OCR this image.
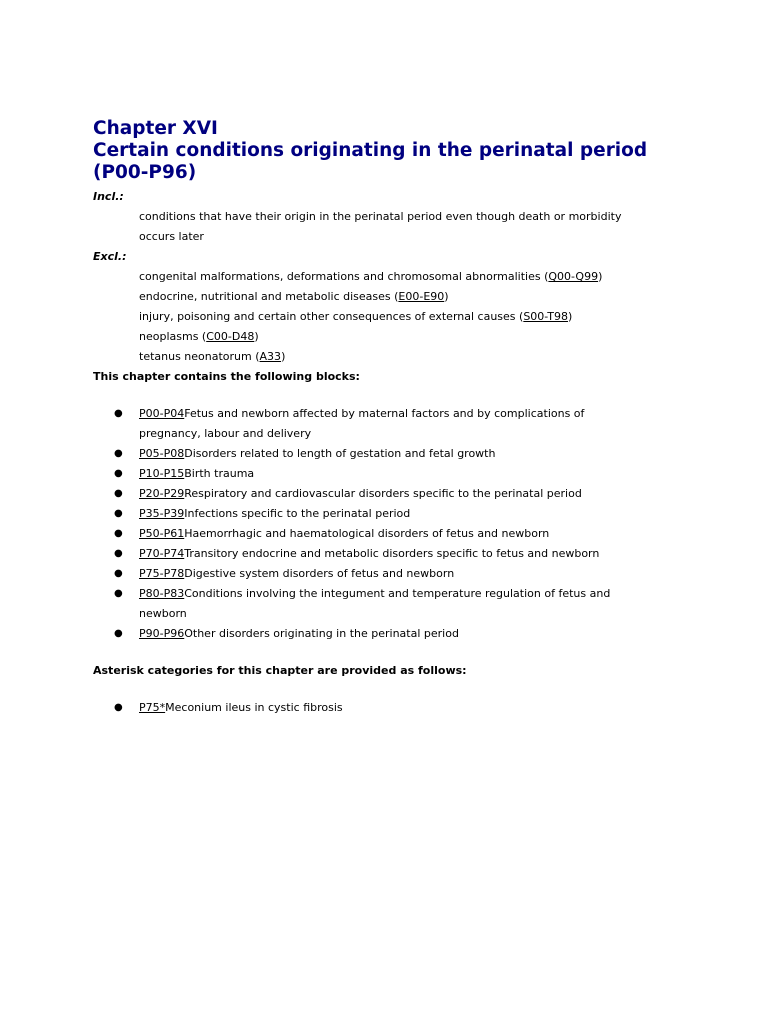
Chapter XVI
Certain conditions originating in the perinatal period
(P00-P96)
Incl.:
conditions that have their origin in the perinatal period even though death or morbidity
occurs later
Excl.:
congenital malformations, deformations and chromosomal abnormalities (Q00-Q99)
endocrine, nutritional and metabolic diseases (E00-E90)
injury, poisoning and certain other consequences of external causes (S00-T98)
neoplasms (C00-D48)
tetanus neonatorum (A33)
This chapter contains the following blocks:
● P00-P04Fetus and newborn affected by maternal factors and by complications of
pregnancy, labour and delivery
● P05-P08Disorders related to length of gestation and fetal growth
● P10-P15Birth trauma
● P20-P29Respiratory and cardiovascular disorders specific to the perinatal period
● P35-P39Infections specific to the perinatal period
● P50-P61Haemorrhagic and haematological disorders of fetus and newborn
● P70-P74Transitory endocrine and metabolic disorders specific to fetus and newborn
● P75-P78Digestive system disorders of fetus and newborn
● P80-P83Conditions involving the integument and temperature regulation of fetus and
newborn
● P90-P96Other disorders originating in the perinatal period
Asterisk categories for this chapter are provided as follows:
● P75*Meconium ileus in cystic fibrosis
